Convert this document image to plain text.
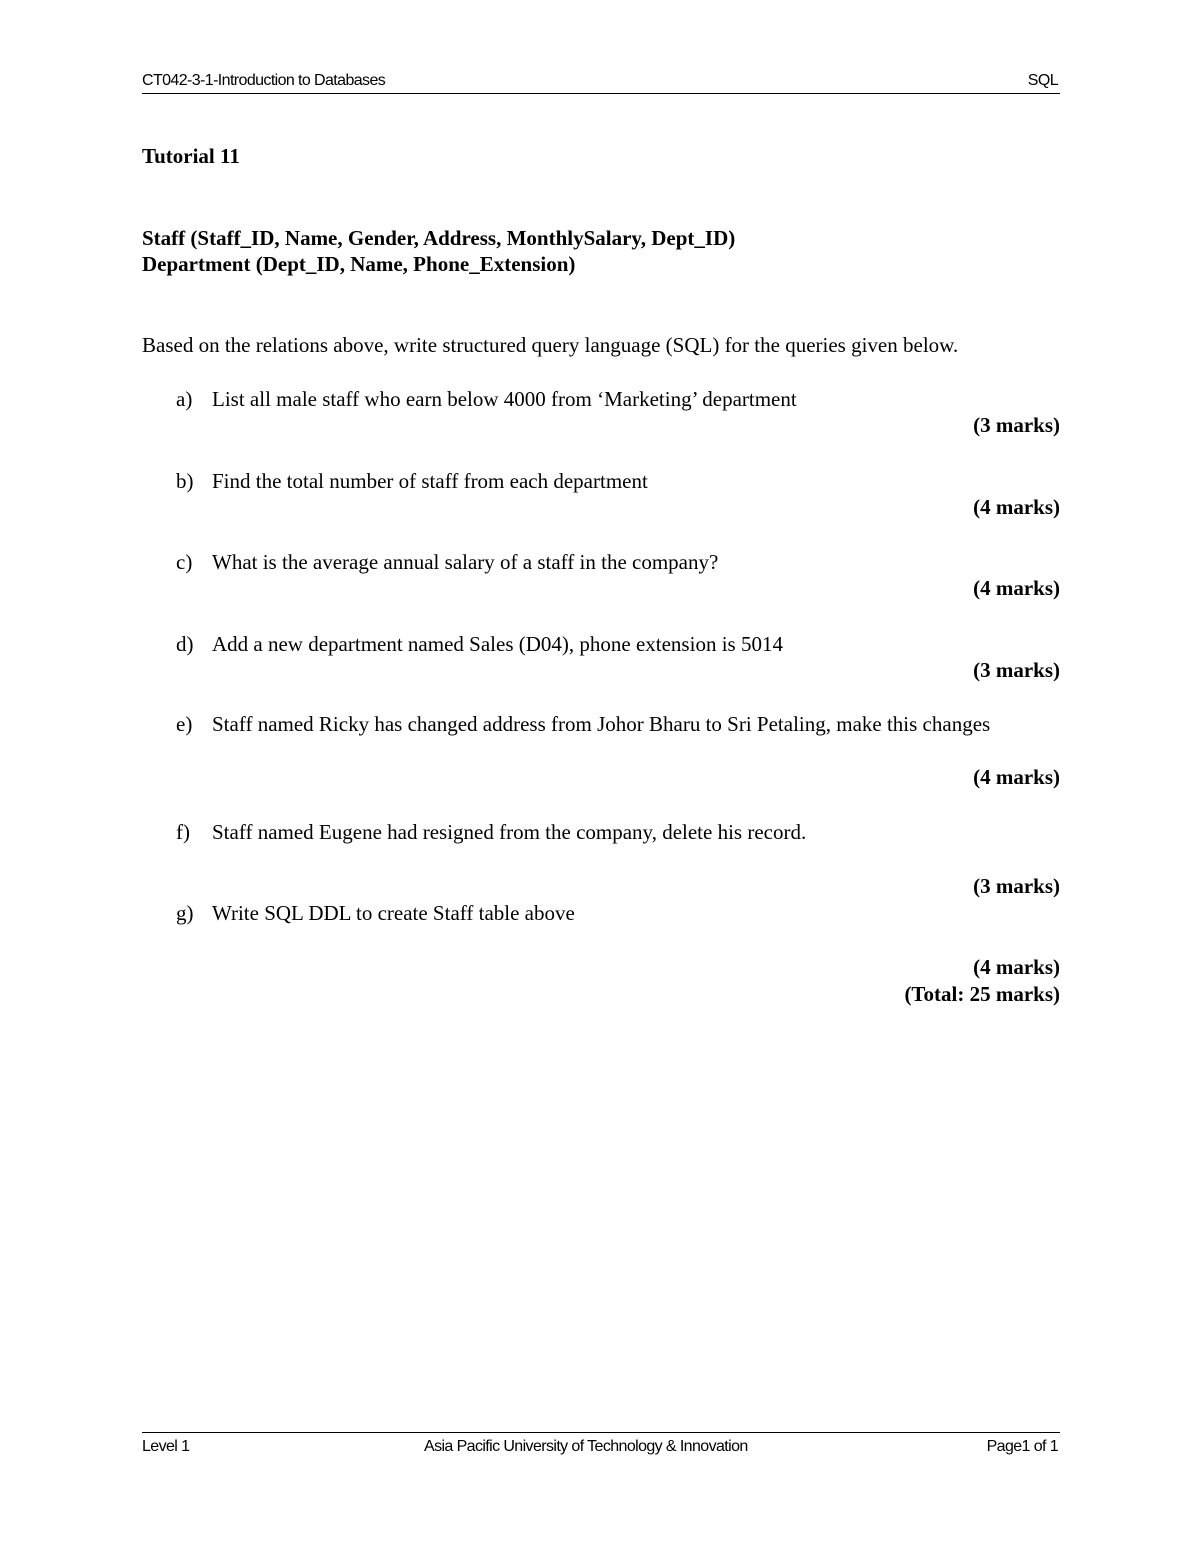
CT042-3-1-Introduction to Databases	SQL
Tutorial 11
Staff (Staff_ID, Name, Gender, Address, MonthlySalary, Dept_ID)
Department (Dept_ID, Name, Phone_Extension)
Based on the relations above, write structured query language (SQL) for the queries given below.
a) List all male staff who earn below 4000 from ‘Marketing’ department
(3 marks)
b) Find the total number of staff from each department
(4 marks)
c) What is the average annual salary of a staff in the company?
(4 marks)
d) Add a new department named Sales (D04), phone extension is 5014
(3 marks)
e) Staff named Ricky has changed address from Johor Bharu to Sri Petaling, make this changes
(4 marks)
f) Staff named Eugene had resigned from the company, delete his record.
(3 marks)
g) Write SQL DDL to create Staff table above
(4 marks)
(Total: 25 marks)
Level 1	Asia Pacific University of Technology & Innovation	Page1 of 1
